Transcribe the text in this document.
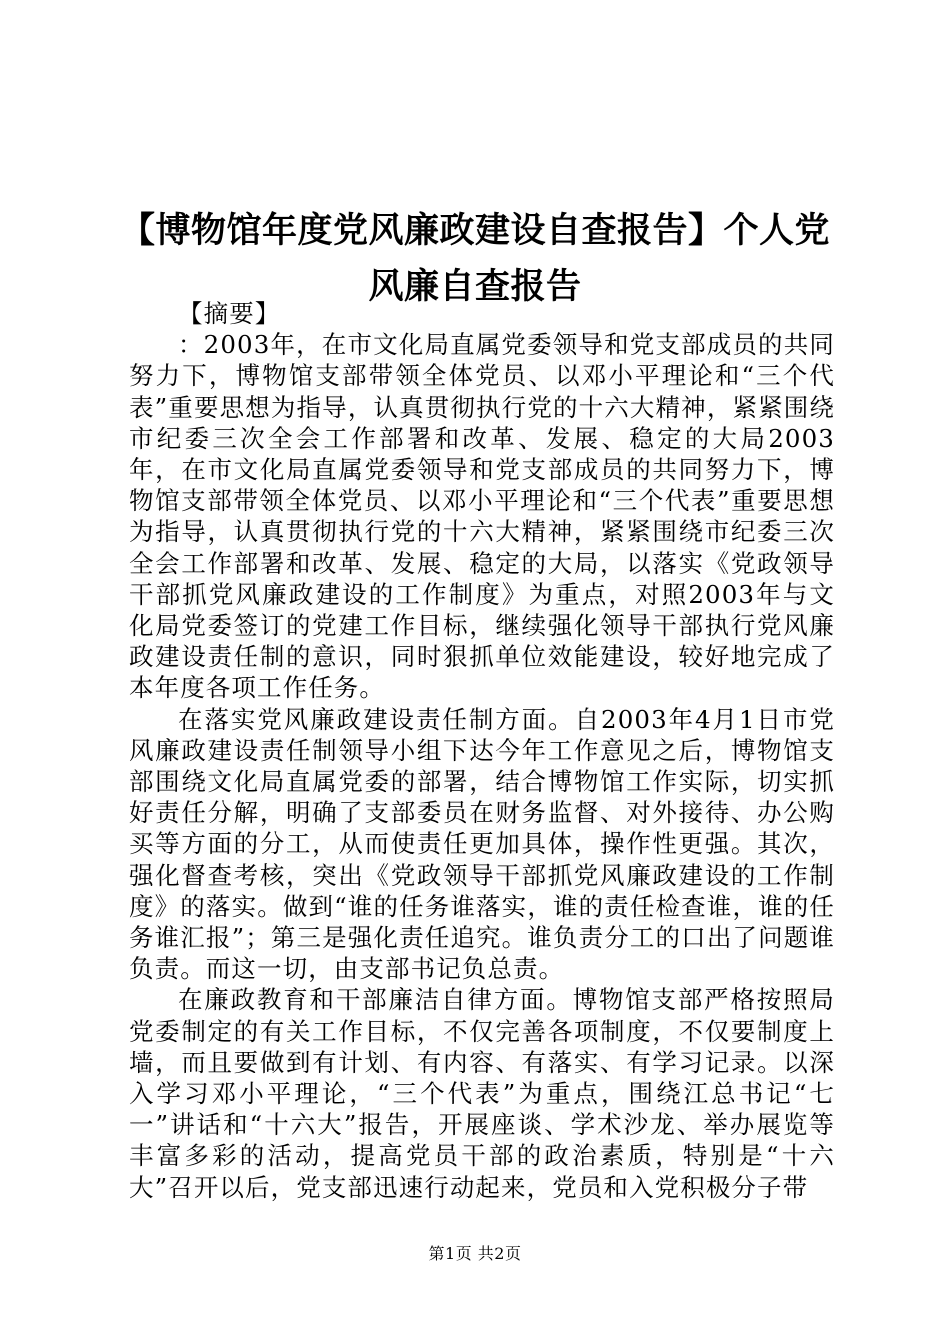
【博物馆年度党风廉政建设自查报告】个人党风廉自查报告

【摘要】

：2003年，在市文化局直属党委领导和党支部成员的共同努力下，博物馆支部带领全体党员、以邓小平理论和“三个代表”重要思想为指导，认真贯彻执行党的十六大精神，紧紧围绕市纪委三次全会工作部署和改革、发展、稳定的大局2003年，在市文化局直属党委领导和党支部成员的共同努力下，博物馆支部带领全体党员、以邓小平理论和“三个代表”重要思想为指导，认真贯彻执行党的十六大精神，紧紧围绕市纪委三次全会工作部署和改革、发展、稳定的大局，以落实《党政领导干部抓党风廉政建设的工作制度》为重点，对照2003年与文化局党委签订的党建工作目标，继续强化领导干部执行党风廉政建设责任制的意识，同时狠抓单位效能建设，较好地完成了本年度各项工作任务。

在落实党风廉政建设责任制方面。自2003年4月1日市党风廉政建设责任制领导小组下达今年工作意见之后，博物馆支部围绕文化局直属党委的部署，结合博物馆工作实际，切实抓好责任分解，明确了支部委员在财务监督、对外接待、办公购买等方面的分工，从而使责任更加具体，操作性更强。其次，强化督查考核，突出《党政领导干部抓党风廉政建设的工作制度》的落实。做到“谁的任务谁落实，谁的责任检查谁，谁的任务谁汇报”；第三是强化责任追究。谁负责分工的口出了问题谁负责。而这一切，由支部书记负总责。

在廉政教育和干部廉洁自律方面。博物馆支部严格按照局党委制定的有关工作目标，不仅完善各项制度，不仅要制度上墙，而且要做到有计划、有内容、有落实、有学习记录。以深入学习邓小平理论，“三个代表”为重点，围绕江总书记“七一”讲话和“十六大”报告，开展座谈、学术沙龙、举办展览等丰富多彩的活动，提高党员干部的政治素质，特别是“十六大”召开以后，党支部迅速行动起来，党员和入党积极分子带

第1页 共2页
